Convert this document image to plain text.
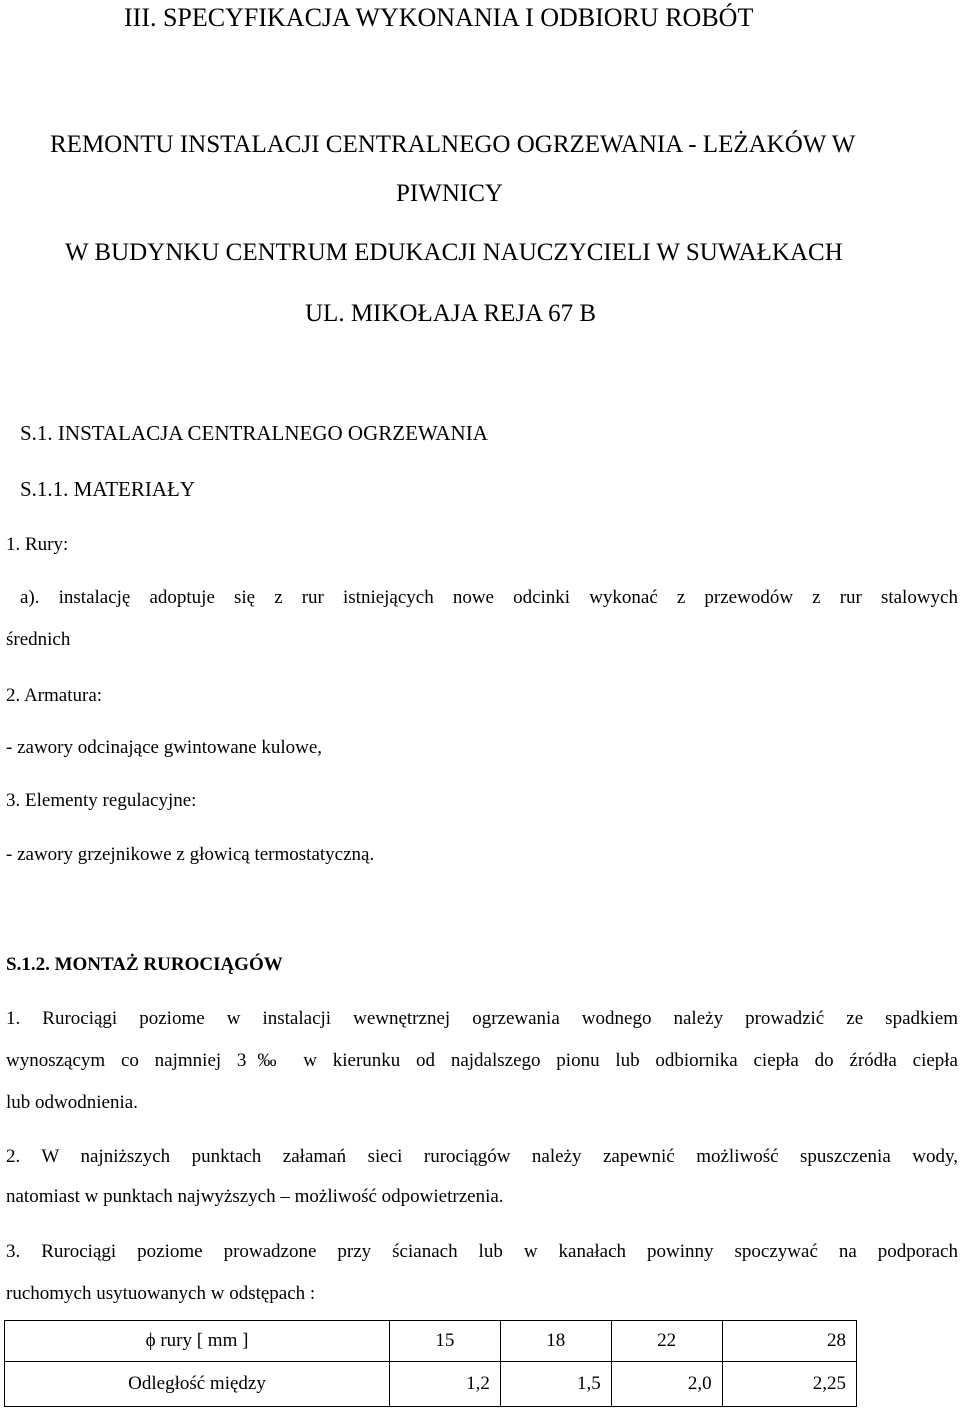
III. SPECYFIKACJA WYKONANIA I ODBIORU ROBÓT
REMONTU INSTALACJI CENTRALNEGO OGRZEWANIA - LEŻAKÓW W
PIWNICY
W BUDYNKU CENTRUM EDUKACJI NAUCZYCIELI W SUWAŁKACH
UL. MIKOŁAJA REJA 67 B
S.1. INSTALACJA CENTRALNEGO OGRZEWANIA
S.1.1. MATERIAŁY
1. Rury:
a). instalację adoptuje się z rur istniejących nowe odcinki wykonać z przewodów z rur stalowych
średnich
2. Armatura:
- zawory odcinające gwintowane kulowe,
3. Elementy regulacyjne:
- zawory grzejnikowe z głowicą termostatyczną.
S.1.2. MONTAŻ RUROCIĄGÓW
1. Rurociągi poziome w instalacji wewnętrznej ogrzewania wodnego należy prowadzić ze spadkiem
wynoszącym co najmniej 3‰ w kierunku od najdalszego pionu lub odbiornika ciepła do źródła ciepła
lub odwodnienia.
2. W najniższych punktach załamań sieci rurociągów należy zapewnić możliwość spuszczenia wody,
natomiast w punktach najwyższych – możliwość odpowietrzenia.
3. Rurociągi poziome prowadzone przy ścianach lub w kanałach powinny spoczywać na podporach
ruchomych usytuowanych w odstępach :
ϕ rury [ mm ]	15	18	22	28
Odległość między	1,2	1,5	2,0	2,25
